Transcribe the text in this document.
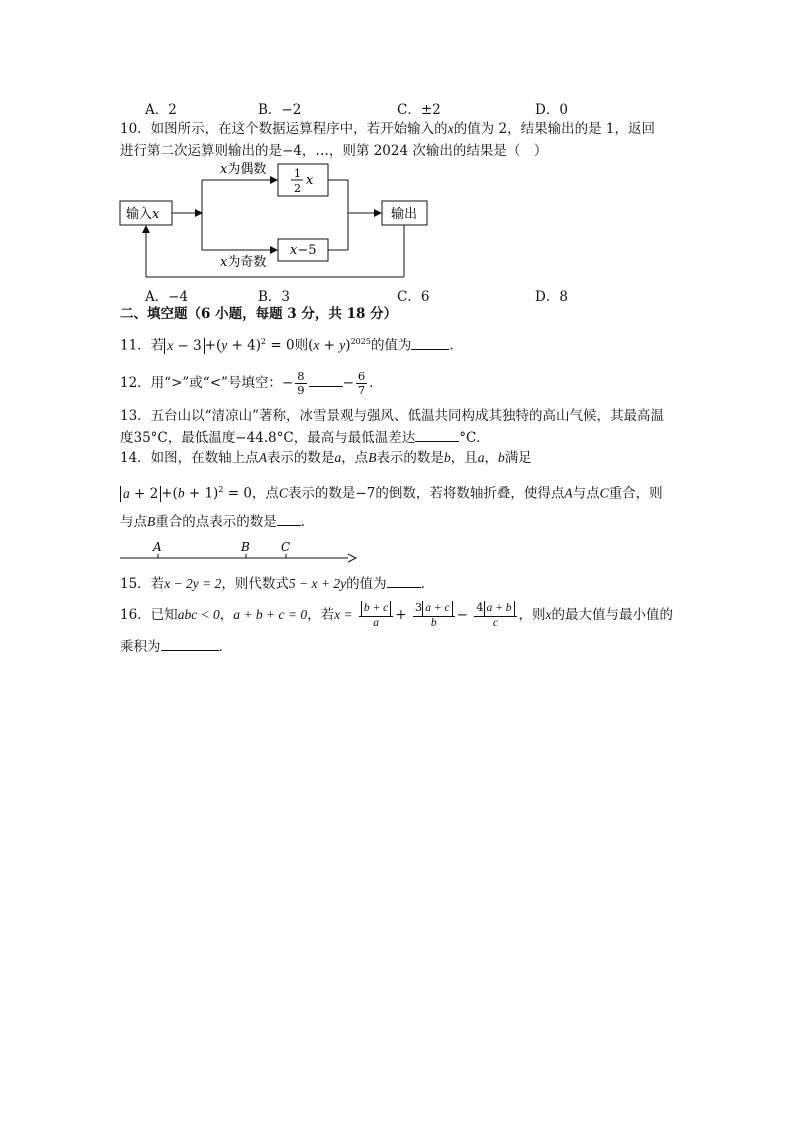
A．2	B．−2	C．±2	D．0
10．如图所示，在这个数据运算程序中，若开始输入的x的值为 2，结果输出的是 1，返回
进行第二次运算则输出的是−4，…，则第 2024 次输出的结果是（　）
输入x
x为偶数
x为奇数
1
2
x
x−5
输出
A．−4	B．3	C．6	D．8
二、填空题（6 小题，每题 3 分，共 18 分）
11．若 $x - 3 +(y + 4)^2 = 0$则$(x + y)^{2025}$的值为	．
12．用“>”或“<”号填空：− $\frac{8}{9}$	− $\frac{6}{7}$ ．
13．五台山以“清凉山”著称，冰雪景观与强风、低温共同构成其独特的高山气候，其最高温
度35°C，最低温度−44.8°C，最高与最低温差达	°C．
14．如图，在数轴上点A表示的数是a，点B表示的数是b，且a，b满足
$a + 2 +(b + 1)^2 = 0$，点C表示的数是−7的倒数，若将数轴折叠，使得点A与点C重合，则
与点B重合的点表示的数是 ．
A	B	C
15．若x − 2y = 2，则代数式5 − x + 2y的值为	．
16．已知abc < 0，a + b + c = 0，若$x = \frac{b + c}{a} + \frac{3 a + c}{b} - \frac{4 a + b}{c}$ ，则x的最大值与最小值的
乘积为	．
